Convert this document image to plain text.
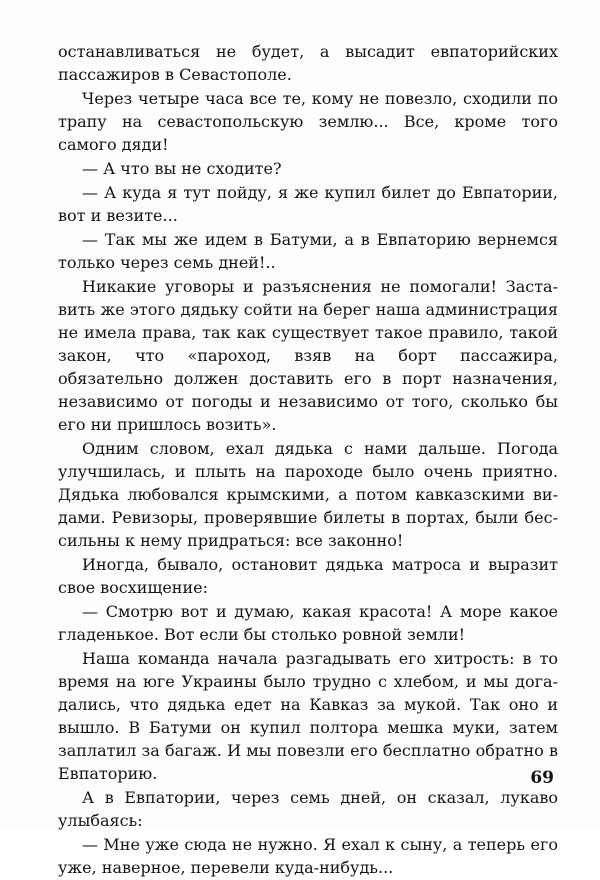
останавливаться не будет, а высадит евпаторийских пассажиров в Севастополе.

Через четыре часа все те, кому не повезло, сходили по трапу на севастопольскую землю... Все, кроме того самого дяди!

— А что вы не сходите?

— А куда я тут пойду, я же купил билет до Евпатории, вот и везите...

— Так мы же идем в Батуми, а в Евпаторию вернемся только через семь дней!..

Никакие уговоры и разъяснения не помогали! Заставить же этого дядьку сойти на берег наша администрация не имела права, так как существует такое правило, такой закон, что «пароход, взяв на борт пассажира, обязательно должен доставить его в порт назначения, независимо от погоды и независимо от того, сколько бы его ни пришлось возить».

Одним словом, ехал дядька с нами дальше. Погода улучшилась, и плыть на пароходе было очень приятно. Дядька любовался крымскими, а потом кавказскими видами. Ревизоры, проверявшие билеты в портах, были бессильны к нему придраться: все законно!

Иногда, бывало, остановит дядька матроса и выразит свое восхищение:

— Смотрю вот и думаю, какая красота! А море какое гладенькое. Вот если бы столько ровной земли!

Наша команда начала разгадывать его хитрость: в то время на юге Украины было трудно с хлебом, и мы догадались, что дядька едет на Кавказ за мукой. Так оно и вышло. В Батуми он купил полтора мешка муки, затем заплатил за багаж. И мы повезли его бесплатно обратно в Евпаторию.

А в Евпатории, через семь дней, он сказал, лукаво улыбаясь:

— Мне уже сюда не нужно. Я ехал к сыну, а теперь его уже, наверное, перевели куда-нибудь...

69
